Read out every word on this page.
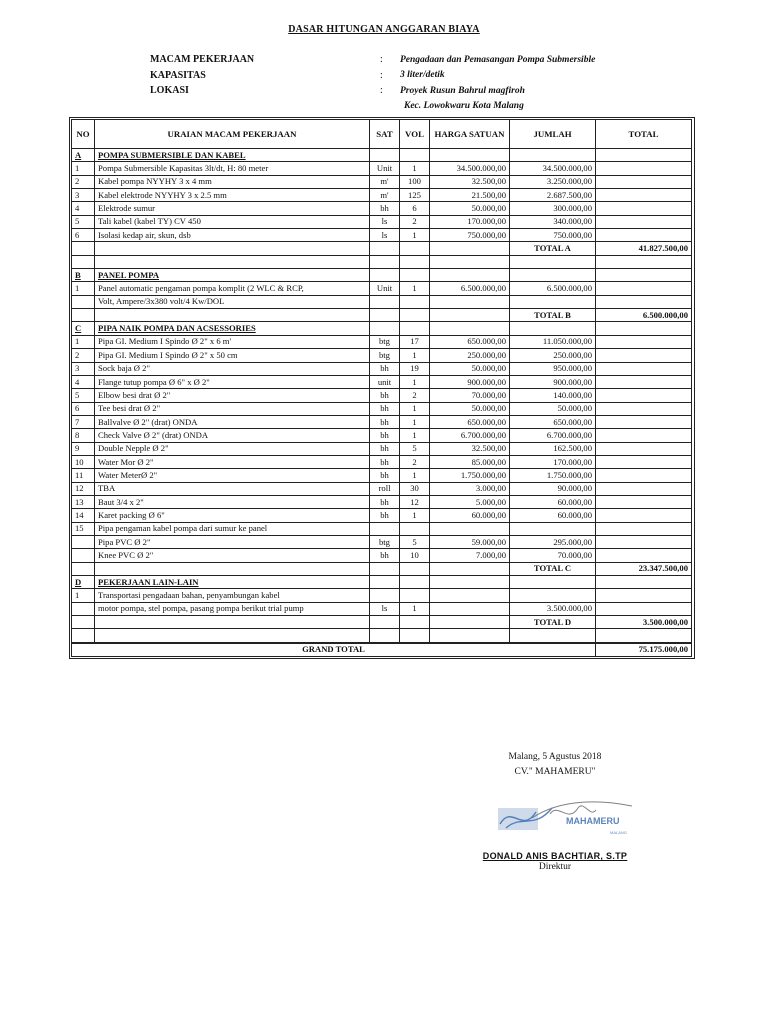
DASAR HITUNGAN ANGGARAN BIAYA
MACAM PEKERJAAN	:	Pengadaan dan Pemasangan Pompa Submersible
KAPASITAS	:	3 liter/detik
LOKASI	:	Proyek Rusun Bahrul magfiroh
Kec. Lowokwaru Kota Malang
NO	URAIAN MACAM PEKERJAAN	SAT	VOL	HARGA SATUAN	JUMLAH	TOTAL
A	POMPA SUBMERSIBLE DAN KABEL					
1	Pompa Submersible Kapasitas 3lt/dt, H: 80 meter	Unit	1	34.500.000,00	34.500.000,00	
2	Kabel pompa NYYHY 3 x 4 mm	m'	100	32.500,00	3.250.000,00	
3	Kabel elektrode NYYHY 3 x 2.5 mm	m'	125	21.500,00	2.687.500,00	
4	Elektrode sumur	bh	6	50.000,00	300.000,00	
5	Tali kabel (kabel TY) CV 450	ls	2	170.000,00	340.000,00	
6	Isolasi kedap air, skun, dsb	ls	1	750.000,00	750.000,00	
					TOTAL A	41.827.500,00

B	PANEL POMPA					
1	Panel automatic pengaman pompa komplit (2 WLC & RCP,	Unit	1	6.500.000,00	6.500.000,00	
	Volt, Ampere/3x380 volt/4 Kw/DOL					
					TOTAL B	6.500.000,00
C	PIPA NAIK POMPA DAN ACSESSORIES					
1	Pipa GI. Medium I Spindo Ø 2" x 6 m'	btg	17	650.000,00	11.050.000,00	
2	Pipa GI. Medium I Spindo Ø 2" x 50 cm	btg	1	250.000,00	250.000,00	
3	Sock baja Ø 2"	bh	19	50.000,00	950.000,00	
4	Flange tutup pompa Ø 6" x Ø 2"	unit	1	900.000,00	900.000,00	
5	Elbow besi drat Ø 2"	bh	2	70.000,00	140.000,00	
6	Tee besi drat Ø 2"	bh	1	50.000,00	50.000,00	
7	Ballvalve Ø 2" (drat) ONDA	bh	1	650.000,00	650.000,00	
8	Check Valve Ø 2" (drat) ONDA	bh	1	6.700.000,00	6.700.000,00	
9	Double Nepple Ø 2"	bh	5	32.500,00	162.500,00	
10	Water Mor Ø 2"	bh	2	85.000,00	170.000,00	
11	Water MeterØ 2"	bh	1	1.750.000,00	1.750.000,00	
12	TBA	roll	30	3.000,00	90.000,00	
13	Baut 3/4 x 2"	bh	12	5.000,00	60.000,00	
14	Karet packing Ø 6"	bh	1	60.000,00	60.000,00	
15	Pipa pengaman kabel pompa dari sumur ke panel					
	Pipa PVC Ø 2"	btg	5	59.000,00	295.000,00	
	Knee PVC Ø 2"	bh	10	7.000,00	70.000,00	
					TOTAL C	23.347.500,00
D	PEKERJAAN LAIN-LAIN					
1	Transportasi pengadaan bahan, penyambungan kabel					
	motor pompa, stel pompa, pasang pompa berikut trial pump	ls	1		3.500.000,00	
					TOTAL D	3.500.000,00

GRAND TOTAL						75.175.000,00
Malang, 5 Agustus 2018
CV." MAHAMERU"
MAHAMERU
MALANG
DONALD ANIS BACHTIAR, S.TP
Direktur
